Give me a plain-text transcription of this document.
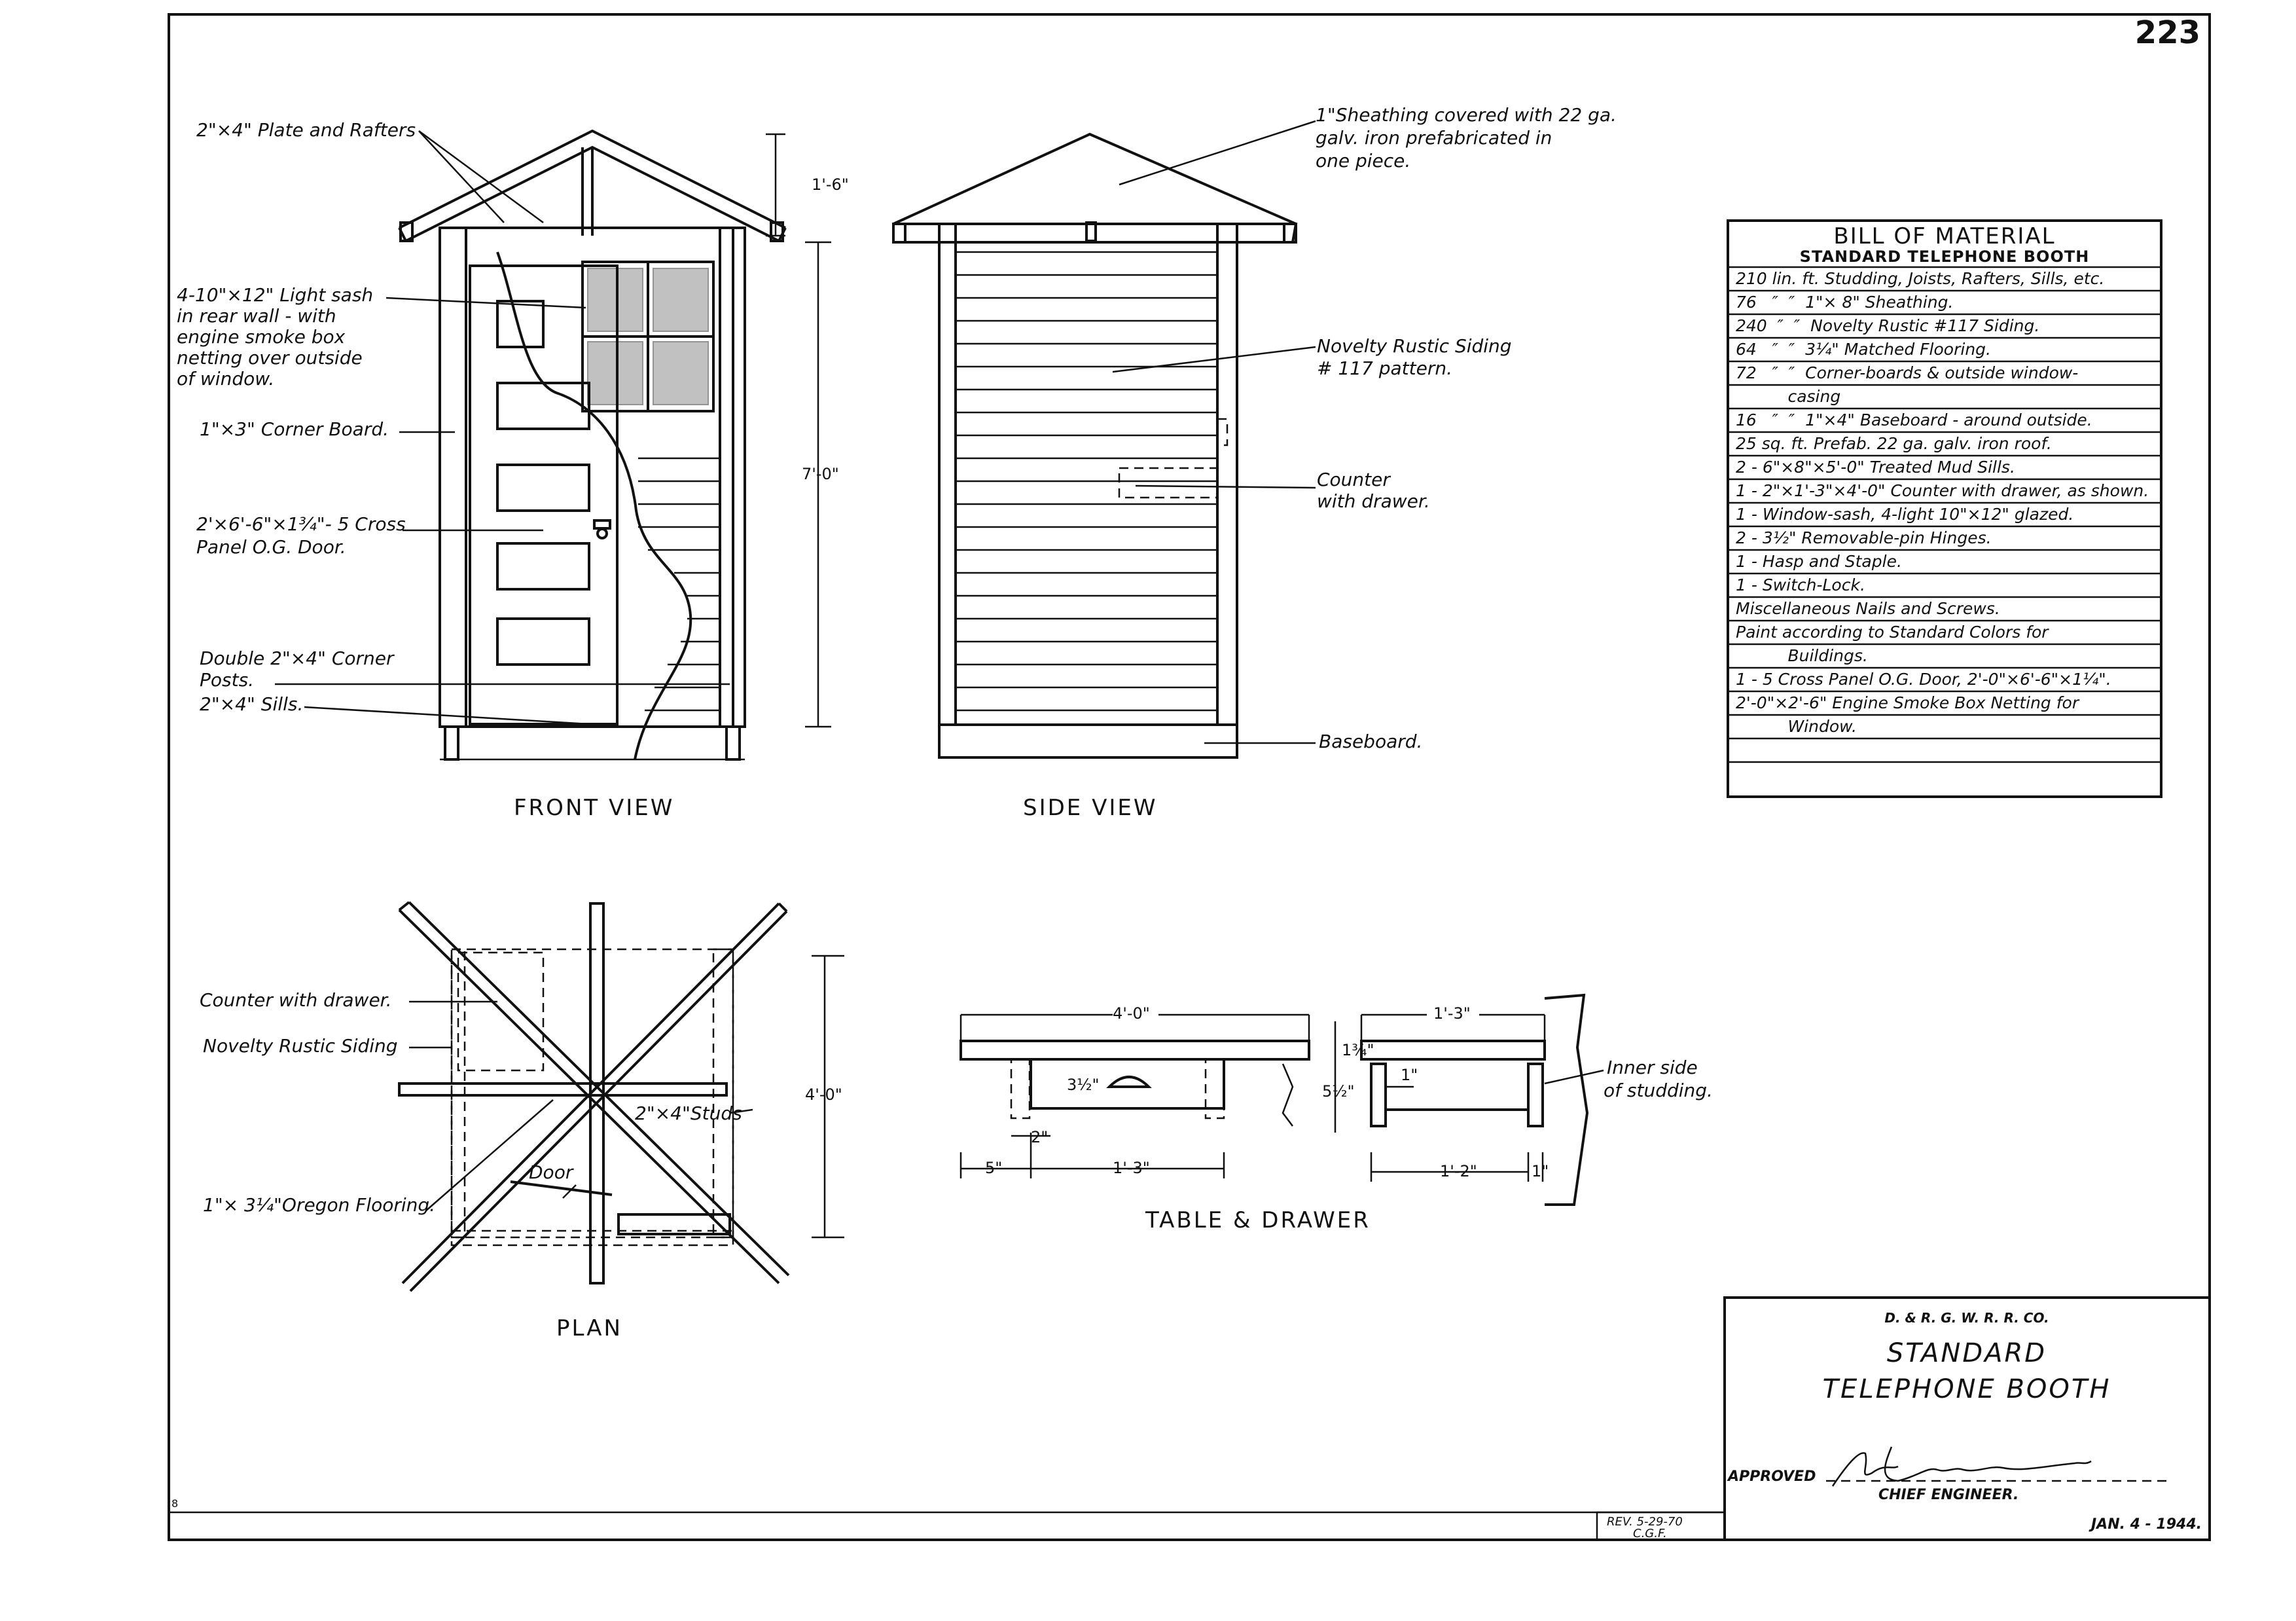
223
8
1'-6"
7'-0"
2"×4" Plate and Rafters
4-10"×12" Light sash
in rear wall - with
engine smoke box
netting over outside
of window.
1"×3" Corner Board.
2'×6'-6"×1¾"- 5 Cross
Panel O.G. Door.
Double 2"×4" Corner
Posts.
2"×4" Sills.
FRONT VIEW
1"Sheathing covered with 22 ga.
galv. iron prefabricated in
one piece.
Novelty Rustic Siding
# 117 pattern.
Counter
with drawer.
Baseboard.
SIDE VIEW
4'-0"
Counter with drawer.
Novelty Rustic Siding
2"×4"Studs
Door
1"× 3¼"Oregon Flooring.
PLAN
4'-0"
3½"
2"
5"	1'-3"
1¾"
5½"
1'-3"
1"
1'-2"	1"
Inner side
of studding.
TABLE & DRAWER
BILL OF MATERIAL
STANDARD TELEPHONE BOOTH
210 lin. ft. Studding, Joists, Rafters, Sills, etc.
76   ″  ″  1"× 8" Sheathing.
240  ″  ″  Novelty Rustic #117 Siding.
64   ″  ″  3¼" Matched Flooring.
72   ″  ″  Corner-boards & outside window-
casing
16   ″  ″  1"×4" Baseboard - around outside.
25 sq. ft. Prefab. 22 ga. galv. iron roof.
2 - 6"×8"×5'-0" Treated Mud Sills.
1 - 2"×1'-3"×4'-0" Counter with drawer, as shown.
1 - Window-sash, 4-light 10"×12" glazed.
2 - 3½" Removable-pin Hinges.
1 - Hasp and Staple.
1 - Switch-Lock.
Miscellaneous Nails and Screws.
Paint according to Standard Colors for
Buildings.
1 - 5 Cross Panel O.G. Door, 2'-0"×6'-6"×1¼".
2'-0"×2'-6" Engine Smoke Box Netting for
Window.
D. & R. G. W. R. R. CO.
STANDARD
TELEPHONE BOOTH
APPROVED
CHIEF ENGINEER.
JAN. 4 - 1944.
REV. 5-29-70
C.G.F.
